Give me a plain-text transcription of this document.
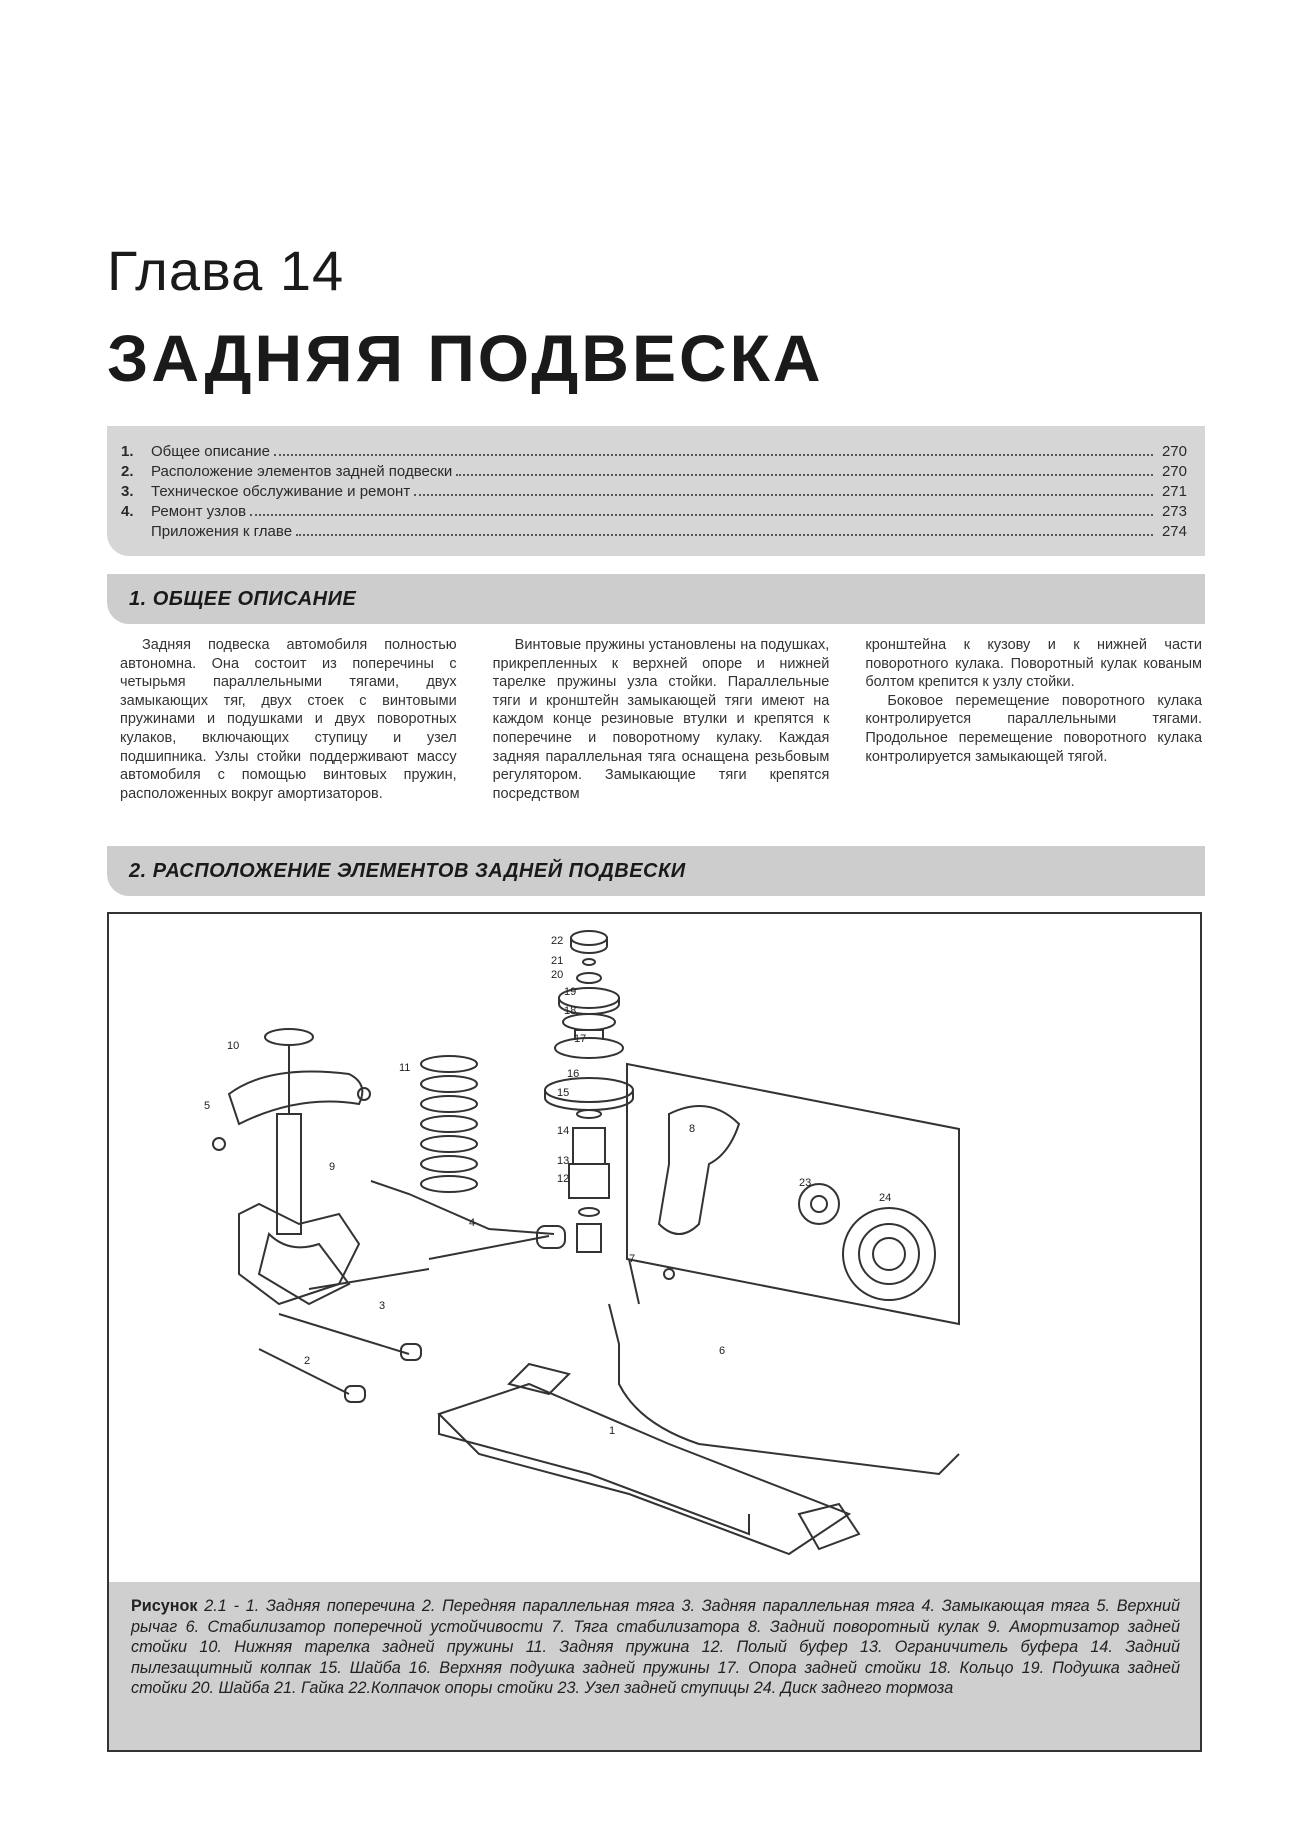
Глава 14
ЗАДНЯЯ ПОДВЕСКА
1.	Общее описание	270
2.	Расположение элементов задней подвески	270
3.	Техническое обслуживание и ремонт	271
4.	Ремонт узлов	273
Приложения к главе	274
1. ОБЩЕЕ ОПИСАНИЕ

Задняя подвеска автомобиля полностью автономна. Она состоит из поперечины с четырьмя параллельными тягами, двух замыкающих тяг, двух стоек с винтовыми пружинами и подушками и двух поворотных кулаков, включающих ступицу и узел подшипника. Узлы стойки поддерживают массу автомобиля с помощью винтовых пружин, расположенных вокруг амортизаторов.

Винтовые пружины установлены на подушках, прикрепленных к верхней опоре и нижней тарелке пружины узла стойки. Параллельные тяги и кронштейн замыкающей тяги имеют на каждом конце резиновые втулки и крепятся к поперечине и поворотному кулаку. Каждая задняя параллельная тяга оснащена резьбовым регулятором. Замыкающие тяги крепятся посредством

кронштейна к кузову и к нижней части поворотного кулака. Поворотный кулак кованым болтом крепится к узлу стойки.

Боковое перемещение поворотного кулака контролируется параллельными тягами. Продольное перемещение поворотного кулака контролируется замыкающей тягой.

2. РАСПОЛОЖЕНИЕ ЭЛЕМЕНТОВ ЗАДНЕЙ ПОДВЕСКИ
1
2
3
4
5
6
7
8
9
10
11
12
13
14
15
16
17
18
19
20
21
22
23
24
Рисунок 2.1 - 1. Задняя поперечина 2. Передняя параллельная тяга 3. Задняя параллельная тяга 4. Замыкающая тяга 5. Верхний рычаг 6. Стабилизатор поперечной устойчивости 7. Тяга стабилизатора 8. Задний поворотный кулак 9. Амортизатор задней стойки 10. Нижняя тарелка задней пружины 11. Задняя пружина 12. Полый буфер 13. Ограничитель буфера 14. Задний пылезащитный колпак 15. Шайба 16. Верхняя подушка задней пружины 17. Опора задней стойки 18. Кольцо 19. Подушка задней стойки 20. Шайба 21. Гайка 22.Колпачок опоры стойки 23. Узел задней ступицы 24. Диск заднего тормоза
